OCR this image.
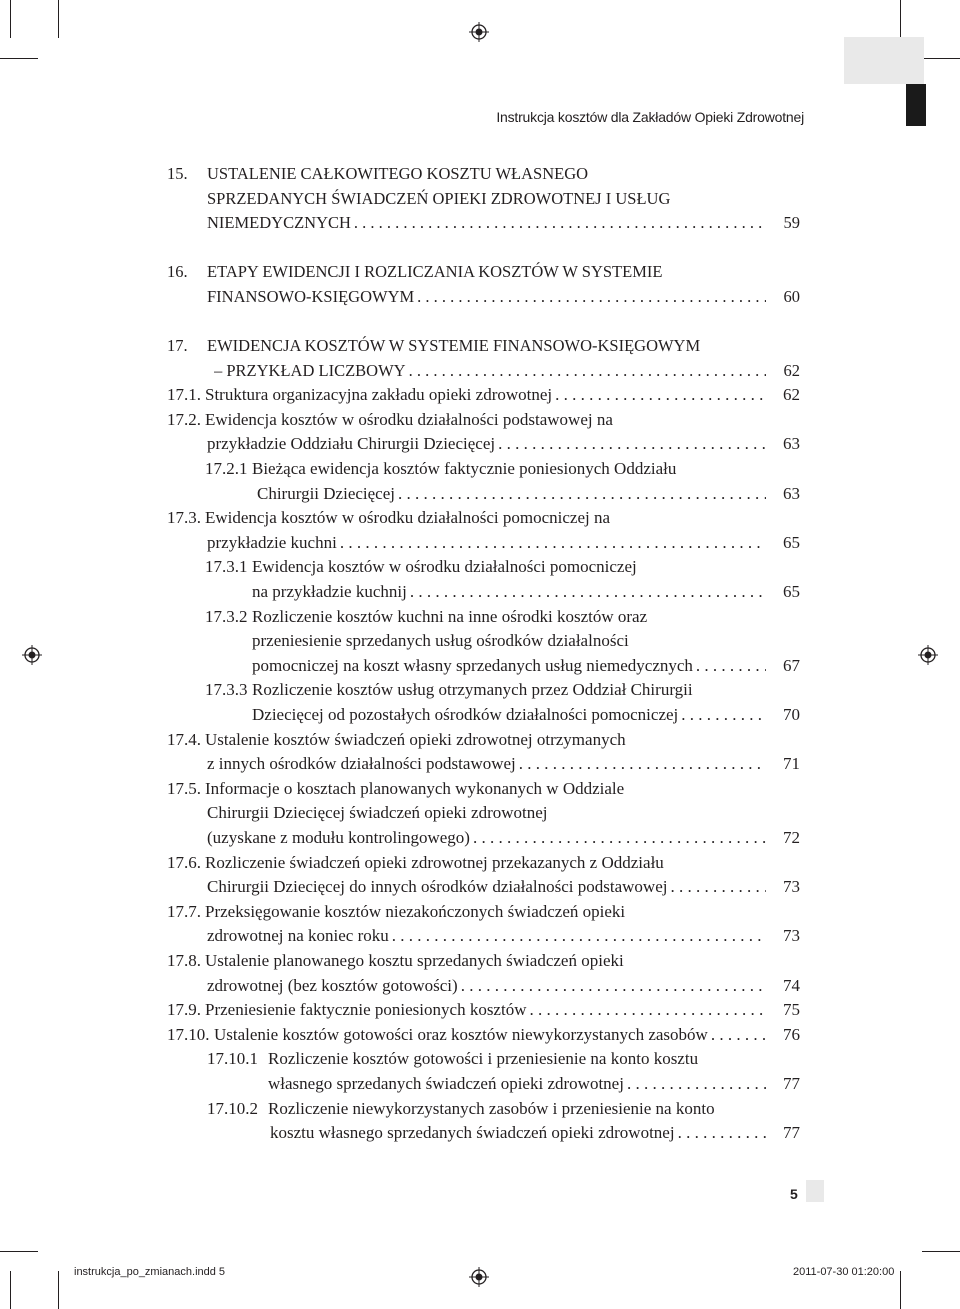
Instrukcja kosztów dla Zakładów Opieki Zdrowotnej
15.	USTALENIE CAŁKOWITEGO KOSZTU WŁASNEGO
SPRZEDANYCH ŚWIADCZEŃ OPIEKI ZDROWOTNEJ I USŁUG
NIEMEDYCZNYCH . . .	59
16.	ETAPY EWIDENCJI I ROZLICZANIA KOSZTÓW W SYSTEMIE
FINANSOWO-KSIĘGOWYM . . .	60
17.	EWIDENCJA KOSZTÓW W SYSTEMIE FINANSOWO-KSIĘGOWYM
– PRZYKŁAD LICZBOWY . . .	62
17.1. Struktura organizacyjna zakładu opieki zdrowotnej . . .	62
17.2. Ewidencja kosztów w ośrodku działalności podstawowej na
przykładzie Oddziału Chirurgii Dziecięcej . . .	63
17.2.1 Bieżąca ewidencja kosztów faktycznie poniesionych Oddziału
Chirurgii Dziecięcej . . .	63
17.3. Ewidencja kosztów w ośrodku działalności pomocniczej na
przykładzie kuchni . . .	65
17.3.1 Ewidencja kosztów w ośrodku działalności pomocniczej
na przykładzie kuchnij . . .	65
17.3.2 Rozliczenie kosztów kuchni na inne ośrodki kosztów oraz
przeniesienie sprzedanych usług ośrodków działalności
pomocniczej na koszt własny sprzedanych usług niemedycznych . . .	67
17.3.3 Rozliczenie kosztów usług otrzymanych przez Oddział Chirurgii
Dziecięcej od pozostałych ośrodków działalności pomocniczej . . .	70
17.4. Ustalenie kosztów świadczeń opieki zdrowotnej otrzymanych
z innych ośrodków działalności podstawowej . . .	71
17.5. Informacje o kosztach planowanych wykonanych w Oddziale
Chirurgii Dziecięcej świadczeń opieki zdrowotnej
(uzyskane z modułu kontrolingowego) . . .	72
17.6. Rozliczenie świadczeń opieki zdrowotnej przekazanych z Oddziału
Chirurgii Dziecięcej do innych ośrodków działalności podstawowej . . .	73
17.7. Przeksięgowanie kosztów niezakończonych świadczeń opieki
zdrowotnej na koniec roku . . .	73
17.8. Ustalenie planowanego kosztu sprzedanych świadczeń opieki
zdrowotnej (bez kosztów gotowości) . . .	74
17.9. Przeniesienie faktycznie poniesionych kosztów . . .	75
17.10. Ustalenie kosztów gotowości oraz kosztów niewykorzystanych zasobów . . .	76
17.10.1 Rozliczenie kosztów gotowości i przeniesienie na konto kosztu
własnego sprzedanych świadczeń opieki zdrowotnej . . .	77
17.10.2 Rozliczenie niewykorzystanych zasobów i przeniesienie na konto
kosztu własnego sprzedanych świadczeń opieki zdrowotnej . . .	77
5
instrukcja_po_zmianach.indd 5	2011-07-30 01:20:00
